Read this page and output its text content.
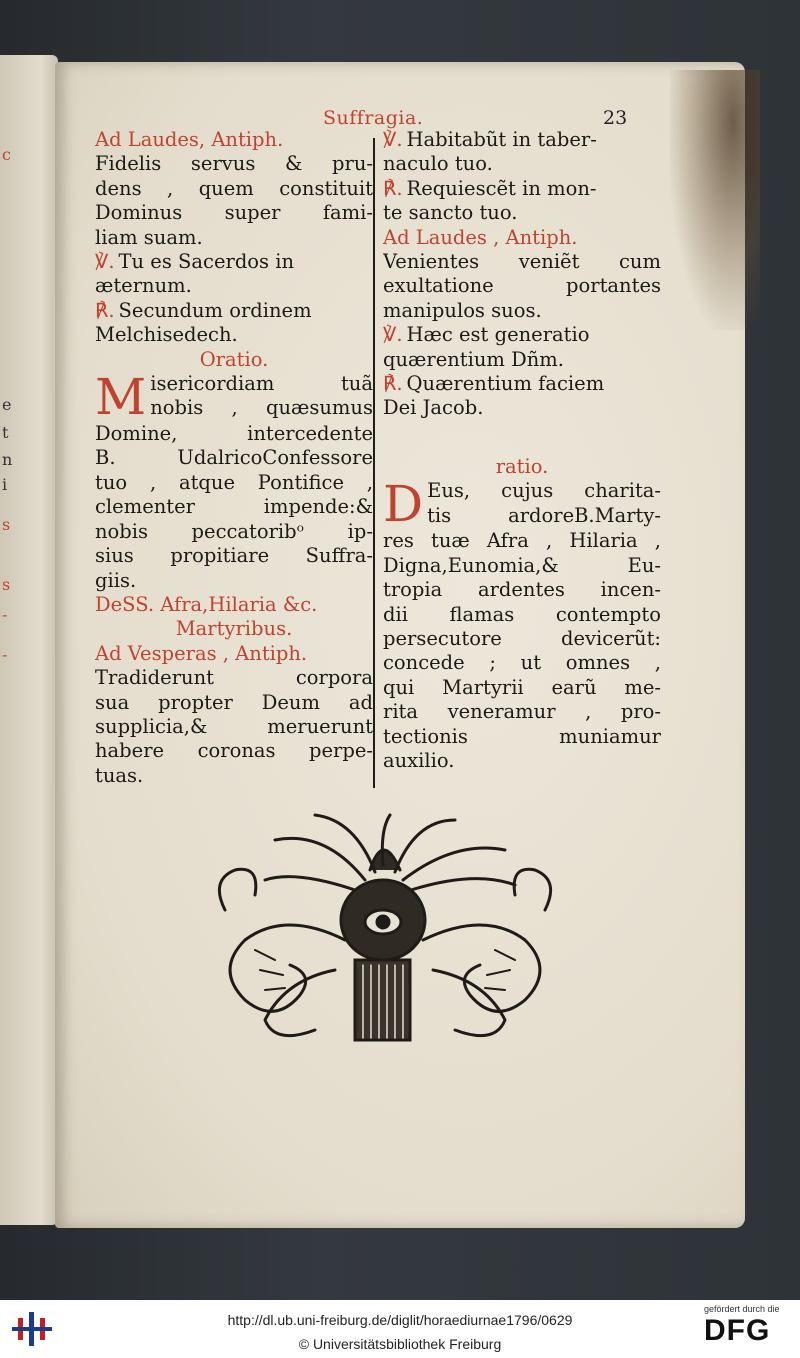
c
s
e
t
n
i
s
-
-
Suffragia.	23
Ad Laudes, Antiph.
Fidelis servus & pru-
dens , quem constituit
Dominus super fami-
liam suam.
℣. Tu es Sacerdos in
æternum.
℟. Secundum ordinem
Melchisedech.
Oratio.
M isericordiam tuã
nobis , quæsumus
Domine, intercedente
B. UdalricoConfessore
tuo , atque Pontifice ,
clementer impende:&
nobis peccatoribᵒ ip-
sius propitiare Suffra-
giis.
DeSS. Afra,Hilaria &c.
Martyribus.
Ad Vesperas , Antiph.
Tradiderunt corpora
sua propter Deum ad
supplicia,& meruerunt
habere coronas perpe-
tuas.
℣. Habitabũt in taber-
naculo tuo.
℟. Requiescẽt in mon-
te sancto tuo.
Ad Laudes , Antiph.
Venientes veniẽt cum
exultatione portantes
manipulos suos.
℣. Hæc est generatio
quærentium Dñm.
℟. Quærentium faciem
Dei Jacob.
ratio.
D Eus, cujus charita-
tis ardoreB.Marty-
res tuæ Afra , Hilaria ,
Digna,Eunomia,& Eu-
tropia ardentes incen-
dii flamas contempto
persecutore devicerũt:
concede ; ut omnes ,
qui Martyrii earũ me-
rita veneramur , pro-
tectionis muniamur
auxilio.
http://dl.ub.uni-freiburg.de/diglit/horaediurnae1796/0629
© Universitätsbibliothek Freiburg
gefördert durch die
DFG
